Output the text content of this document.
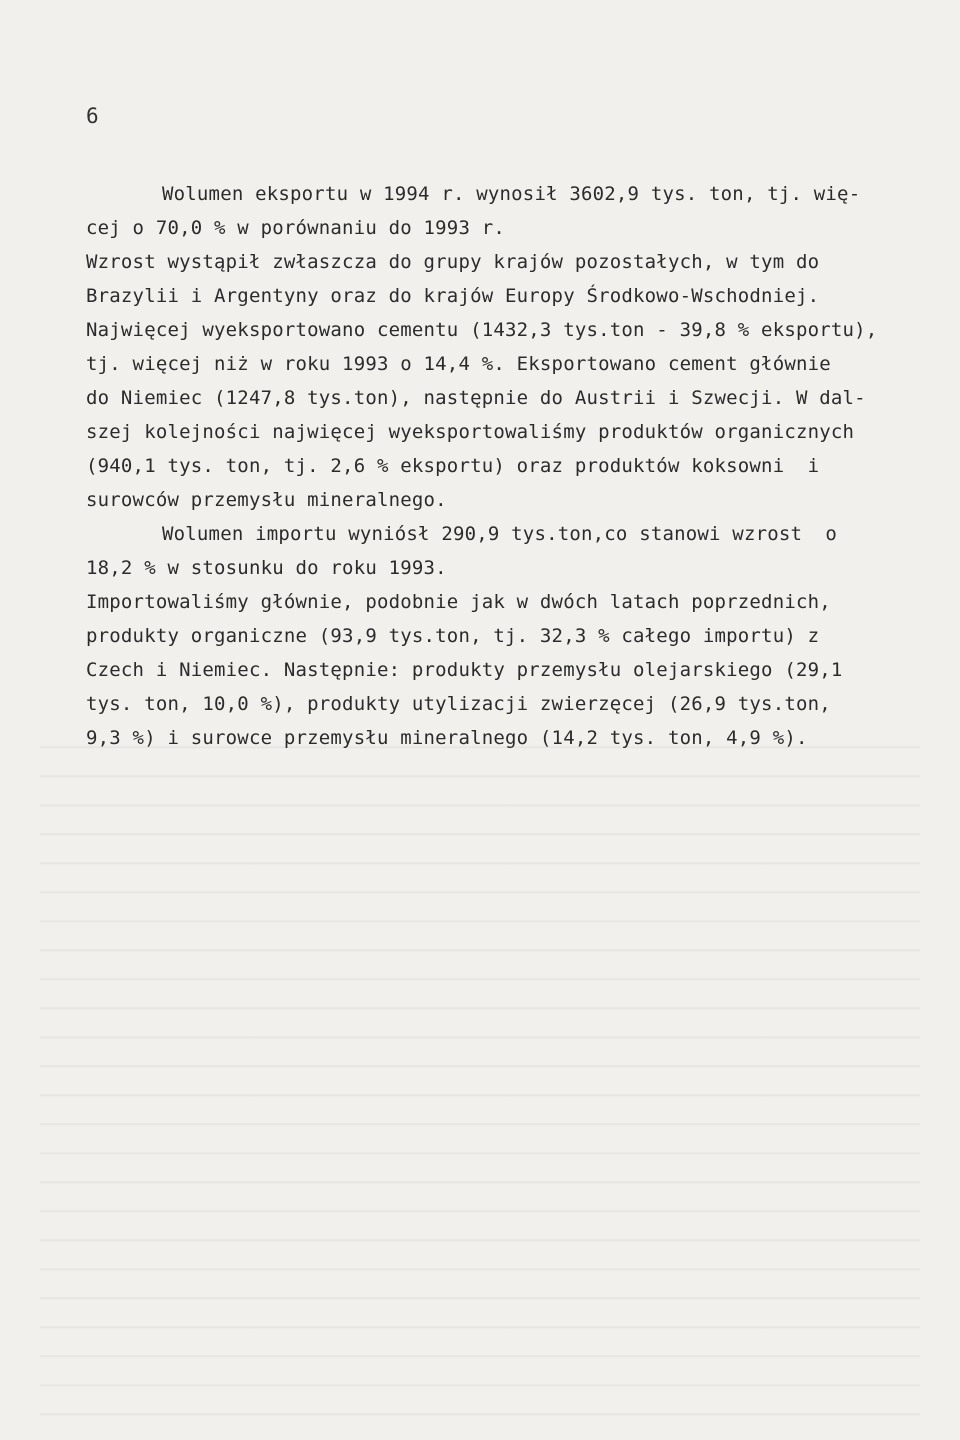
6
Wolumen eksportu w 1994 r. wynosił 3602,9 tys. ton, tj. wię-
cej o 70,0 % w porównaniu do 1993 r.
Wzrost wystąpił zwłaszcza do grupy krajów pozostałych, w tym do
Brazylii i Argentyny oraz do krajów Europy Środkowo-Wschodniej.
Najwięcej wyeksportowano cementu (1432,3 tys.ton - 39,8 % eksportu),
tj. więcej niż w roku 1993 o 14,4 %. Eksportowano cement głównie
do Niemiec (1247,8 tys.ton), następnie do Austrii i Szwecji. W dal-
szej kolejności najwięcej wyeksportowaliśmy produktów organicznych
(940,1 tys. ton, tj. 2,6 % eksportu) oraz produktów koksowni  i
surowców przemysłu mineralnego.
Wolumen importu wyniósł 290,9 tys.ton,co stanowi wzrost  o
18,2 % w stosunku do roku 1993.
Importowaliśmy głównie, podobnie jak w dwóch latach poprzednich,
produkty organiczne (93,9 tys.ton, tj. 32,3 % całego importu) z
Czech i Niemiec. Następnie: produkty przemysłu olejarskiego (29,1
tys. ton, 10,0 %), produkty utylizacji zwierzęcej (26,9 tys.ton,
9,3 %) i surowce przemysłu mineralnego (14,2 tys. ton, 4,9 %).
